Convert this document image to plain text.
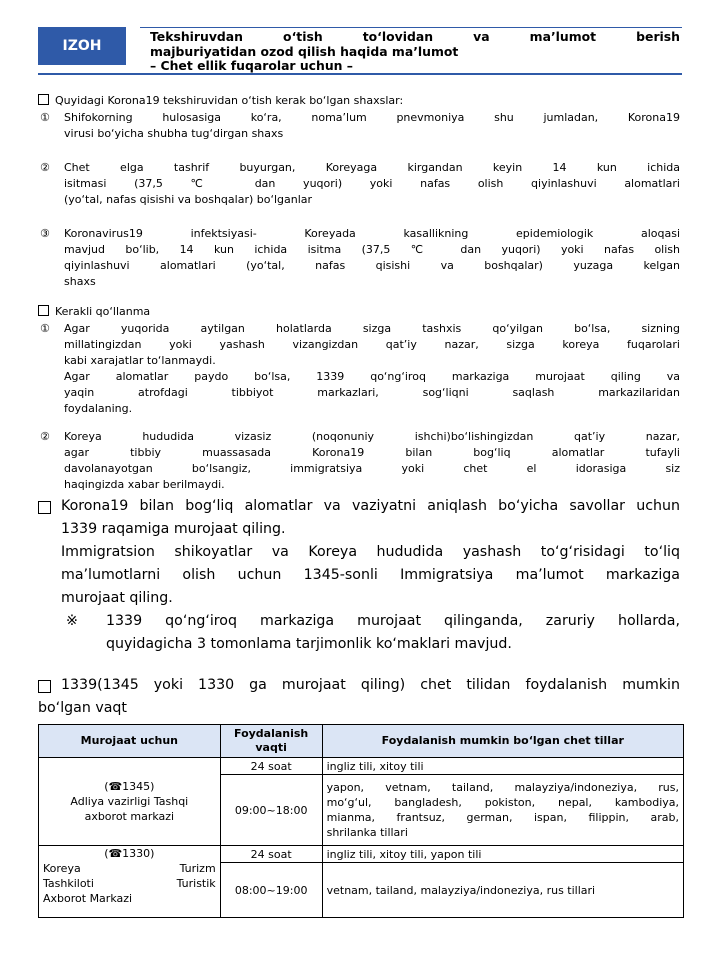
IZOH
Tekshiruvdan o‘tish to‘lovidan va ma’lumot berish
majburiyatidan ozod qilish haqida ma’lumot
– Chet ellik fuqarolar uchun –
Quyidagi Korona19 tekshiruvidan o‘tish kerak bo‘lgan shaxslar:
①	Shifokorning hulosasiga ko‘ra, noma’lum pnevmoniya shu jumladan, Korona19
virusi bo‘yicha shubha tug‘dirgan shaxs
②	Chet elga tashrif buyurgan, Koreyaga kirgandan keyin 14 kun ichida
isitmasi (37,5 ℃ dan yuqori) yoki nafas olish qiyinlashuvi alomatlari
(yo‘tal, nafas qisishi va boshqalar) bo‘lganlar
③	Koronavirus19 infektsiyasi- Koreyada kasallikning epidemiologik aloqasi
mavjud bo‘lib, 14 kun ichida isitma (37,5 ℃ dan yuqori) yoki nafas olish
qiyinlashuvi alomatlari (yo‘tal, nafas qisishi va boshqalar) yuzaga kelgan
shaxs
Kerakli qo‘llanma
①	Agar yuqorida aytilgan holatlarda sizga tashxis qo‘yilgan bo‘lsa, sizning
millatingizdan yoki yashash vizangizdan qat’iy nazar, sizga koreya fuqarolari
kabi xarajatlar to‘lanmaydi.
Agar alomatlar paydo bo‘lsa, 1339 qo‘ng‘iroq markaziga murojaat qiling va
yaqin atrofdagi tibbiyot markazlari, sog‘liqni saqlash markazilaridan
foydalaning.
②	Koreya hududida vizasiz (noqonuniy ishchi)bo‘lishingizdan qat’iy nazar,
agar tibbiy muassasada Korona19 bilan bog‘liq alomatlar tufayli
davolanayotgan bo‘lsangiz, immigratsiya yoki chet el idorasiga siz
haqingizda xabar berilmaydi.
Korona19 bilan bog‘liq alomatlar va vaziyatni aniqlash bo‘yicha savollar uchun
1339 raqamiga murojaat qiling.
Immigratsion shikoyatlar va Koreya hududida yashash to‘g‘risidagi to‘liq
ma’lumotlarni olish uchun 1345-sonli Immigratsiya ma’lumot markaziga
murojaat qiling.
※	1339 qo‘ng‘iroq markaziga murojaat qilinganda, zaruriy hollarda,
quyidagicha 3 tomonlama tarjimonlik ko‘maklari mavjud.
1339(1345 yoki 1330 ga murojaat qiling) chet tilidan foydalanish mumkin
bo‘lgan vaqt
Murojaat uchun	Foydalanish vaqti	Foydalanish mumkin bo‘lgan chet tillar

(☎1345)
Adliya vazirligi Tashqi
axborot markazi	24 soat	ingliz tili, xitoy tili
	09:00~18:00	yapon, vetnam, tailand, malayziya/indoneziya, rus,
mo‘g‘ul, bangladesh, pokiston, nepal, kambodiya,
mianma, frantsuz, german, ispan, filippin, arab,
shrilanka tillari

(☎1330)
Koreya Turizm
Tashkiloti Turistik
Axborot Markazi	24 soat	ingliz tili, xitoy tili, yapon tili
	08:00~19:00	vetnam, tailand, malayziya/indoneziya, rus tillari
